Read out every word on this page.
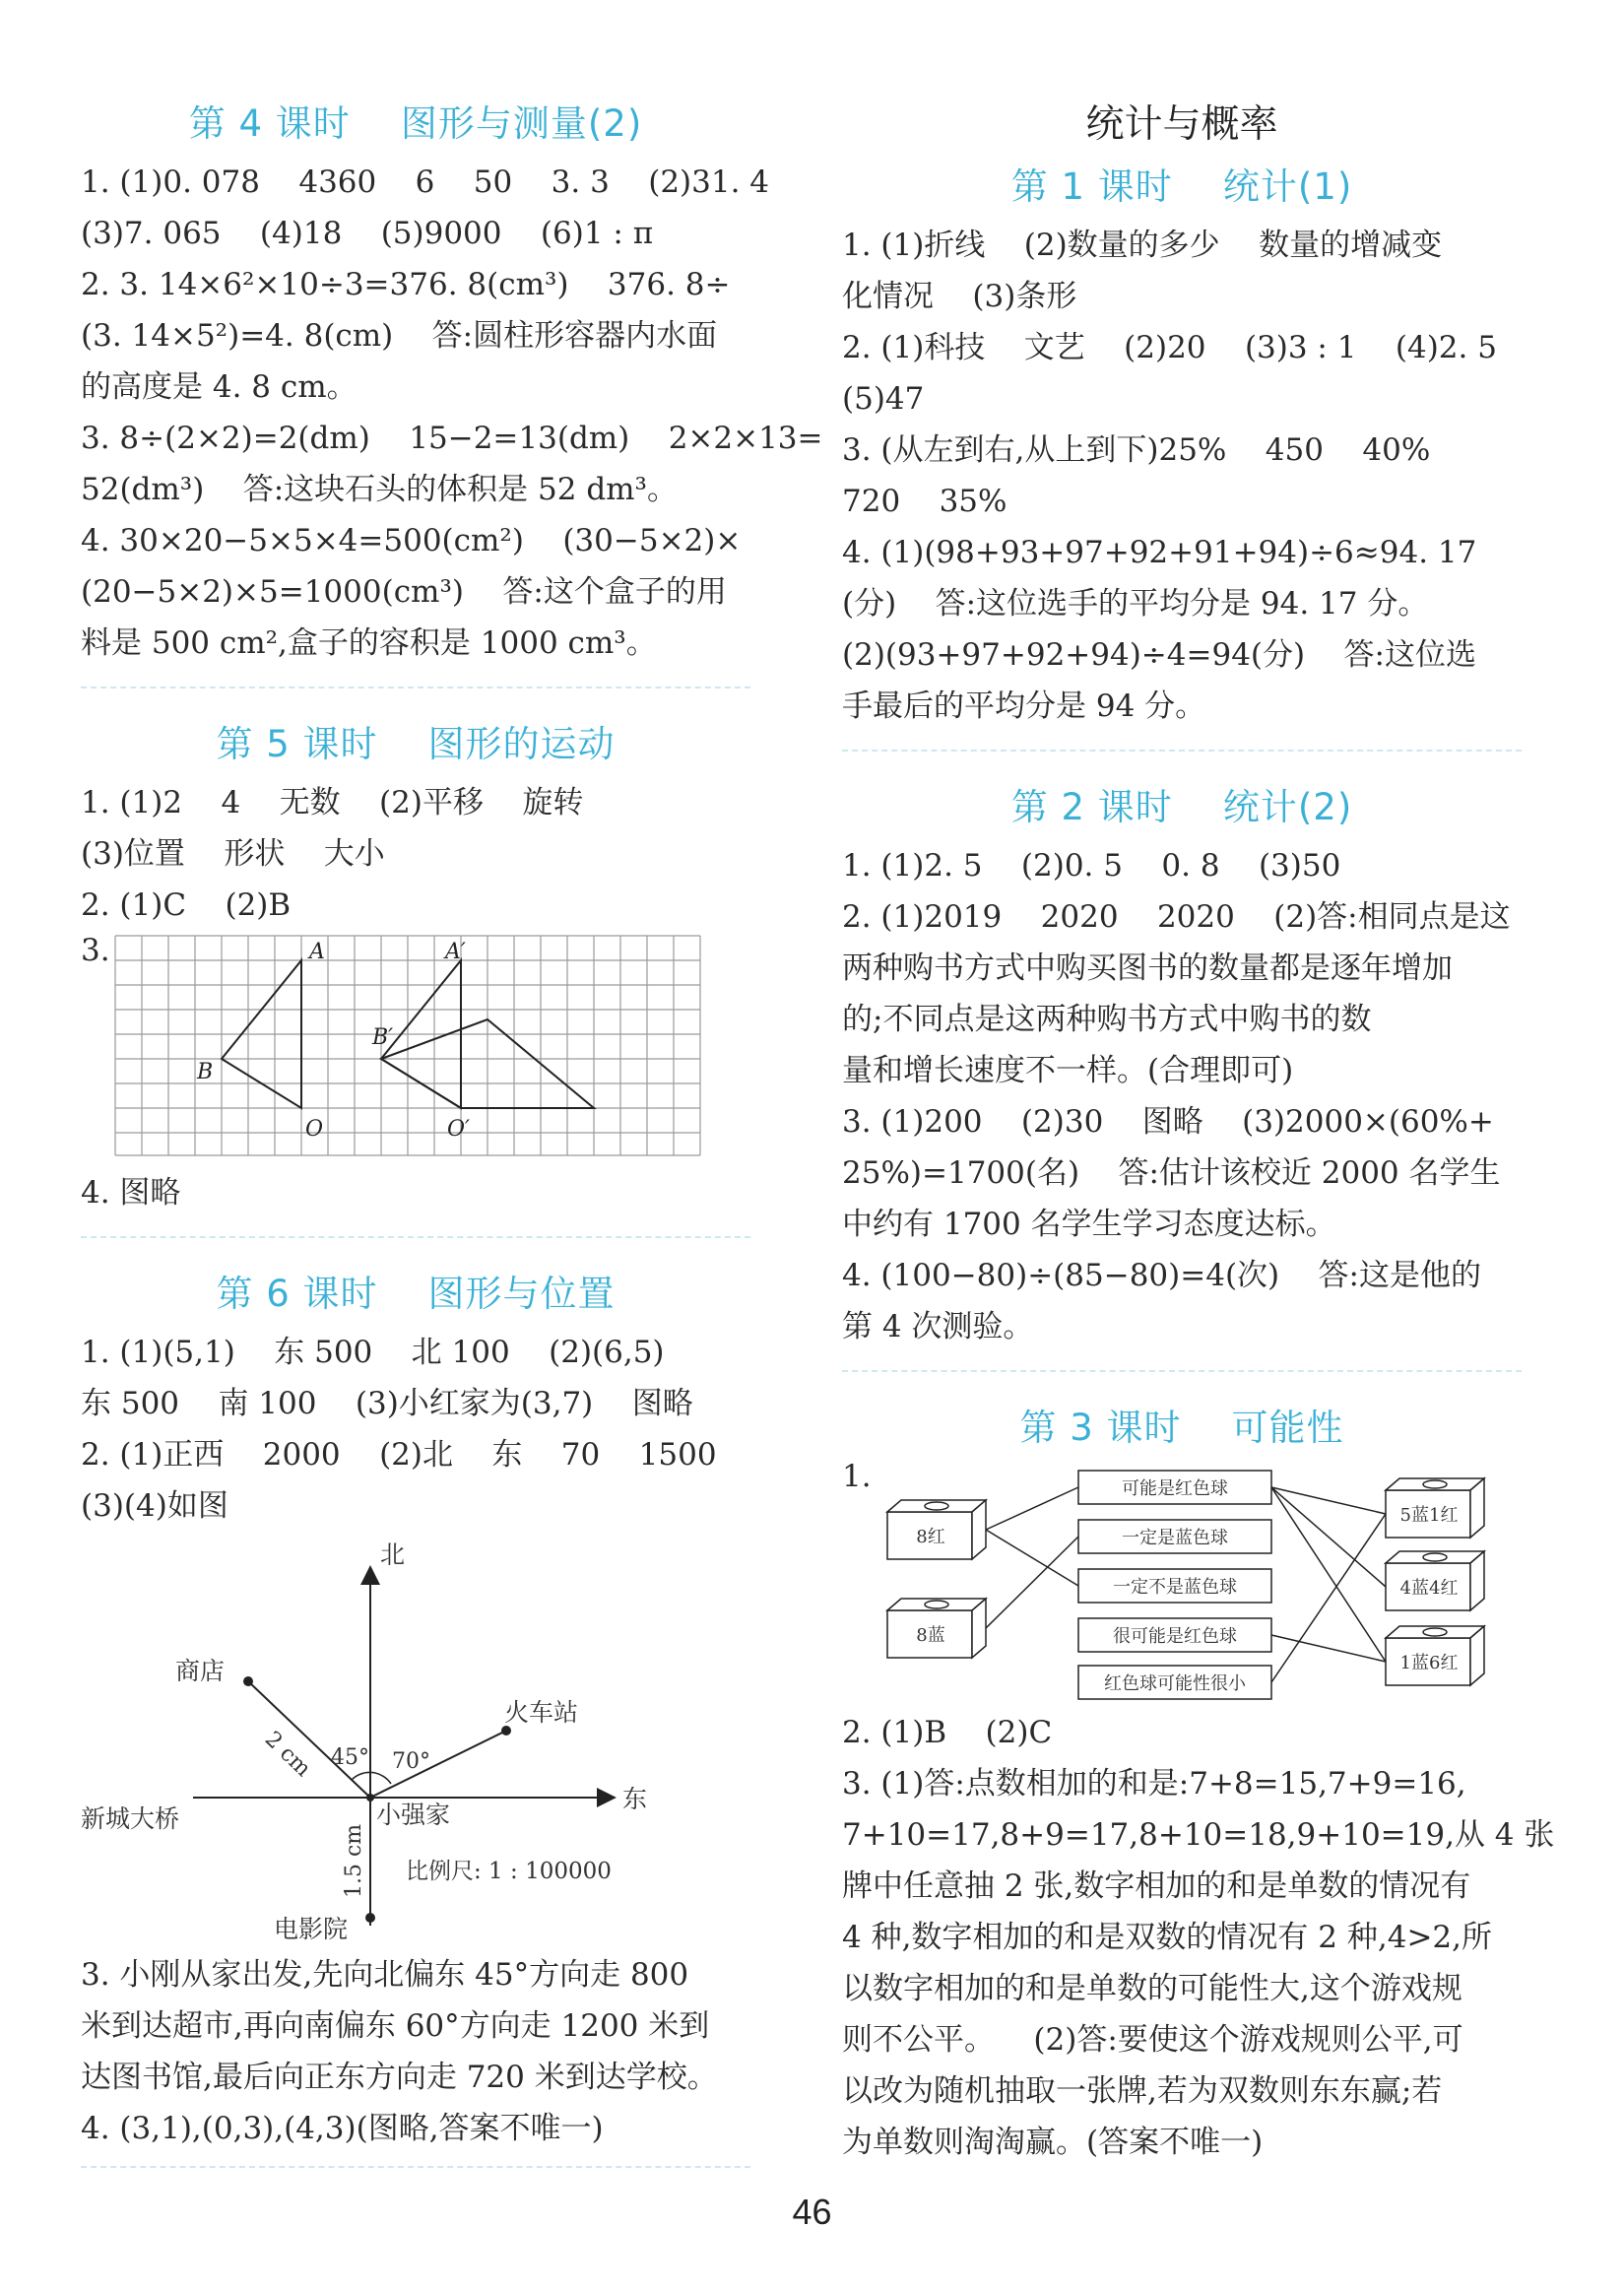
第 4 课时    图形与测量(2)

1. (1)0. 078    4360    6    50    3. 3    (2)31. 4

(3)7. 065    (4)18    (5)9000    (6)1 : π

2. 3. 14×6²×10÷3=376. 8(cm³)    376. 8÷

(3. 14×5²)=4. 8(cm)    答:圆柱形容器内水面

的高度是 4. 8 cm。

3. 8÷(2×2)=2(dm)    15−2=13(dm)    2×2×13=

52(dm³)    答:这块石头的体积是 52 dm³。

4. 30×20−5×5×4=500(cm²)    (30−5×2)×

(20−5×2)×5=1000(cm³)    答:这个盒子的用

料是 500 cm²,盒子的容积是 1000 cm³。

第 5 课时    图形的运动

1. (1)2    4    无数    (2)平移    旋转

(3)位置    形状    大小

2. (1)C    (2)B

3.	A
B
O
A′
B′
O′

4. 图略

第 6 课时    图形与位置

1. (1)(5,1)    东 500    北 100    (2)(6,5)

东 500    南 100    (3)小红家为(3,7)    图略

2. (1)正西    2000    (2)北    东    70    1500

(3)(4)如图

北
东
商店
火车站
新城大桥	小强家
电影院
45° 70°
2 cm
1.5 cm 比例尺: 1 : 100000

3. 小刚从家出发,先向北偏东 45°方向走 800

米到达超市,再向南偏东 60°方向走 1200 米到

达图书馆,最后向正东方向走 720 米到达学校。

4. (3,1),(0,3),(4,3)(图略,答案不唯一)

统计与概率
第 1 课时    统计(1)

1. (1)折线    (2)数量的多少    数量的增减变

化情况    (3)条形

2. (1)科技    文艺    (2)20    (3)3 : 1    (4)2. 5

(5)47

3. (从左到右,从上到下)25%    450    40%

720    35%

4. (1)(98+93+97+92+91+94)÷6≈94. 17

(分)    答:这位选手的平均分是 94. 17 分。

(2)(93+97+92+94)÷4=94(分)    答:这位选

手最后的平均分是 94 分。

第 2 课时    统计(2)

1. (1)2. 5    (2)0. 5    0. 8    (3)50

2. (1)2019    2020    2020    (2)答:相同点是这

两种购书方式中购买图书的数量都是逐年增加

的;不同点是这两种购书方式中购书的数

量和增长速度不一样。(合理即可)

3. (1)200    (2)30    图略    (3)2000×(60%+

25%)=1700(名)    答:估计该校近 2000 名学生

中约有 1700 名学生学习态度达标。

4. (100−80)÷(85−80)=4(次)    答:这是他的

第 4 次测验。

第 3 课时    可能性
1.
8红
8蓝
可能是红色球
一定是蓝色球
一定不是蓝色球
很可能是红色球
红色球可能性很小
5蓝1红
4蓝4红
1蓝6红

2. (1)B    (2)C

3. (1)答:点数相加的和是:7+8=15,7+9=16,

7+10=17,8+9=17,8+10=18,9+10=19,从 4 张

牌中任意抽 2 张,数字相加的和是单数的情况有

4 种,数字相加的和是双数的情况有 2 种,4>2,所

以数字相加的和是单数的可能性大,这个游戏规

则不公平。    (2)答:要使这个游戏规则公平,可

以改为随机抽取一张牌,若为双数则东东赢;若

为单数则淘淘赢。(答案不唯一)

46
